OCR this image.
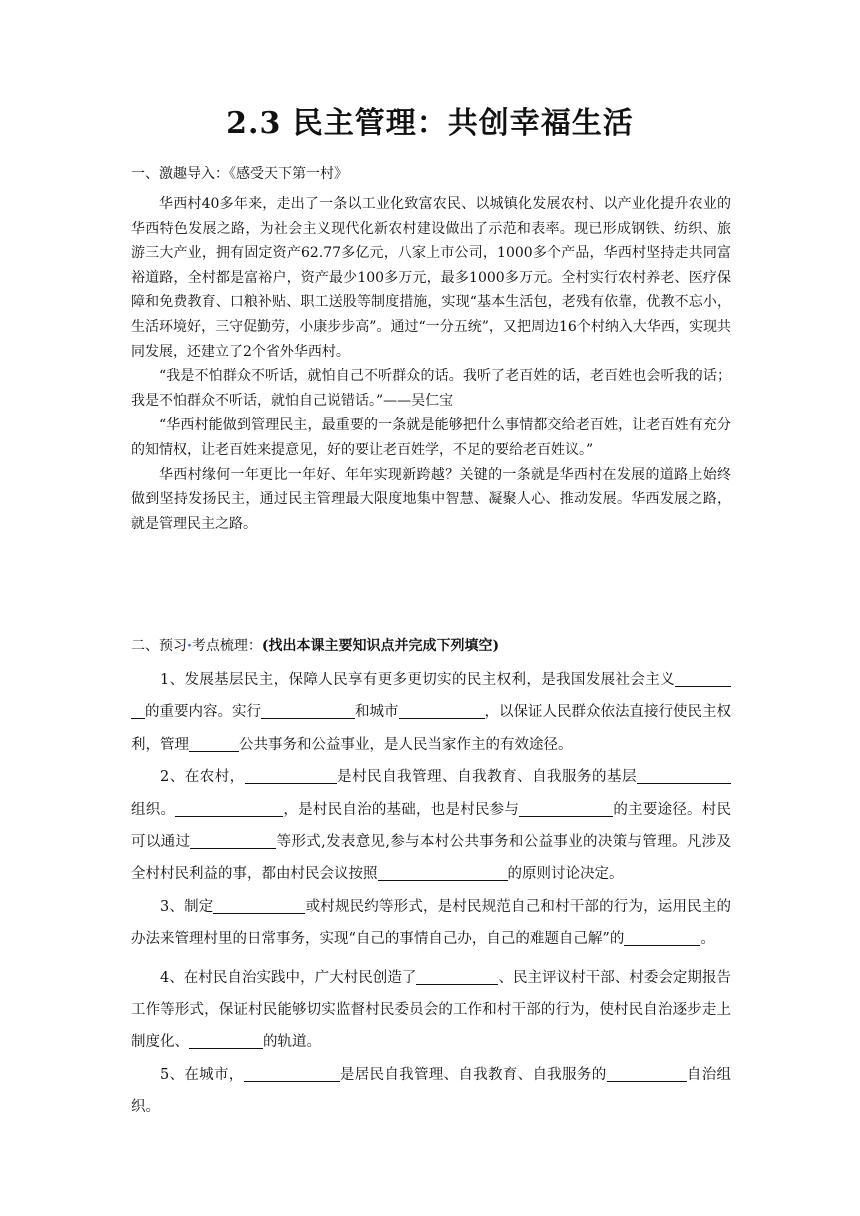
2.3 民主管理：共创幸福生活
一、激趣导入：《感受天下第一村》

华西村40多年来，走出了一条以工业化致富农民、以城镇化发展农村、以产业化提升农业的华西特色发展之路，为社会主义现代化新农村建设做出了示范和表率。现已形成钢铁、纺织、旅游三大产业，拥有固定资产62.77多亿元，八家上市公司，1000多个产品，华西村坚持走共同富裕道路，全村都是富裕户，资产最少100多万元，最多1000多万元。全村实行农村养老、医疗保障和免费教育、口粮补贴、职工送股等制度措施，实现“基本生活包，老残有依靠，优教不忘小，生活环境好，三守促勤劳，小康步步高”。通过“一分五统”，又把周边16个村纳入大华西，实现共同发展，还建立了2个省外华西村。

“我是不怕群众不听话，就怕自己不听群众的话。我听了老百姓的话，老百姓也会听我的话；我是不怕群众不听话，就怕自己说错话。”——吴仁宝

“华西村能做到管理民主，最重要的一条就是能够把什么事情都交给老百姓，让老百姓有充分的知情权，让老百姓来提意见，好的要让老百姓学，不足的要给老百姓议。”

华西村缘何一年更比一年好、年年实现新跨越？关键的一条就是华西村在发展的道路上始终做到坚持发扬民主，通过民主管理最大限度地集中智慧、凝聚人心、推动发展。华西发展之路，就是管理民主之路。

二、预习·考点梳理：(找出本课主要知识点并完成下列填空)

1、发展基层民主，保障人民享有更多更切实的民主权利，是我国发展社会主义的重要内容。实行	和城市	，以保证人民群众依法直接行使民主权利，管理	公共事务和公益事业，是人民当家作主的有效途径。

2、在农村，	是村民自我管理、自我教育、自我服务的基层组织。	，是村民自治的基础，也是村民参与	的主要途径。村民可以通过	等形式,发表意见,参与本村公共事务和公益事业的决策与管理。凡涉及全村村民利益的事，都由村民会议按照	的原则讨论决定。

3、制定	或村规民约等形式，是村民规范自己和村干部的行为，运用民主的办法来管理村里的日常事务，实现“自己的事情自己办，自己的难题自己解”的	。

4、在村民自治实践中，广大村民创造了	、民主评议村干部、村委会定期报告工作等形式，保证村民能够切实监督村民委员会的工作和村干部的行为，使村民自治逐步走上制度化、	的轨道。

5、在城市，	是居民自我管理、自我教育、自我服务的	自治组织。
